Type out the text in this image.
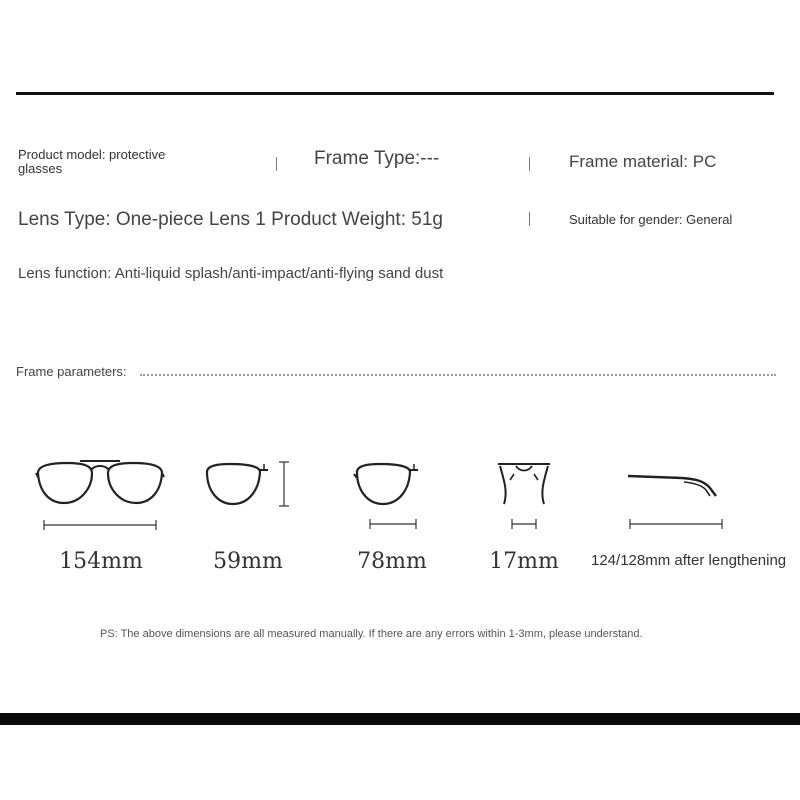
Product model: protective glasses	Frame Type:---	Frame material: PC
Lens Type: One-piece Lens 1 Product Weight: 51g	Suitable for gender: General
Lens function: Anti-liquid splash/anti-impact/anti-flying sand dust
Frame parameters:
154mm	59mm	78mm	17mm	124/128mm after lengthening
PS: The above dimensions are all measured manually. If there are any errors within 1-3mm, please understand.
